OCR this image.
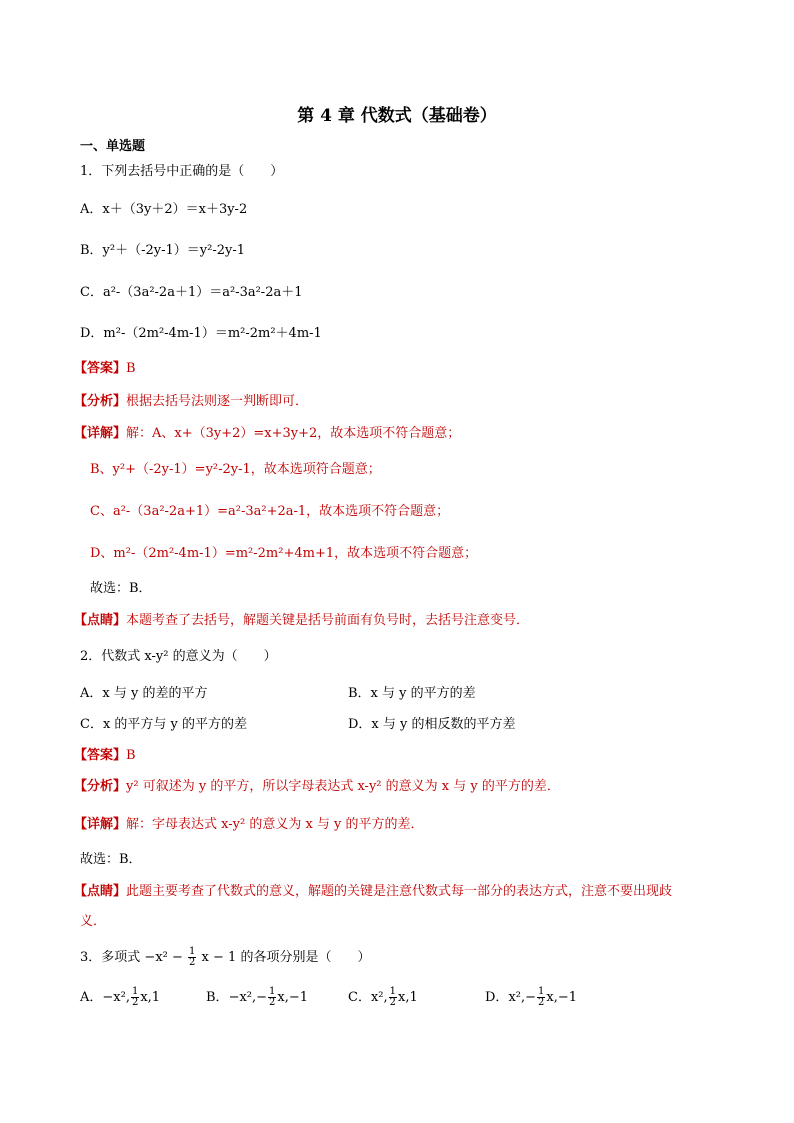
第 4 章 代数式（基础卷）
一、单选题
1．下列去括号中正确的是（　　）
A．x＋（3y＋2）＝x＋3y-2
B．y²＋（-2y-1）＝y²-2y-1
C．a²-（3a²-2a＋1）＝a²-3a²-2a＋1
D．m²-（2m²-4m-1）＝m²-2m²＋4m-1
【答案】B
【分析】根据去括号法则逐一判断即可．
【详解】解：A、x+（3y+2）=x+3y+2，故本选项不符合题意；
B、y²+（-2y-1）=y²-2y-1，故本选项符合题意；
C、a²-（3a²-2a+1）=a²-3a²+2a-1，故本选项不符合题意；
D、m²-（2m²-4m-1）=m²-2m²+4m+1，故本选项不符合题意；
故选：B．
【点睛】本题考查了去括号，解题关键是括号前面有负号时，去括号注意变号．
2．代数式 x-y² 的意义为（　　）
A．x 与 y 的差的平方	B．x 与 y 的平方的差
C．x 的平方与 y 的平方的差	D．x 与 y 的相反数的平方差
【答案】B
【分析】y² 可叙述为 y 的平方，所以字母表达式 x-y² 的意义为 x 与 y 的平方的差．
【详解】解：字母表达式 x-y² 的意义为 x 与 y 的平方的差．
故选：B．
【点睛】此题主要考查了代数式的意义，解题的关键是注意代数式每一部分的表达方式，注意不要出现歧
义．
3．多项式 $-x^2 - \frac{1}{2}$ x − 1 的各项分别是（　　）
A．−x², $\frac{1}{2} x,1$	B．$-x^2,- \frac{1}{2} x,-1$	C．x², $\frac{1}{2} x,1$	D．$x^2,- \frac{1}{2} x,-1$
